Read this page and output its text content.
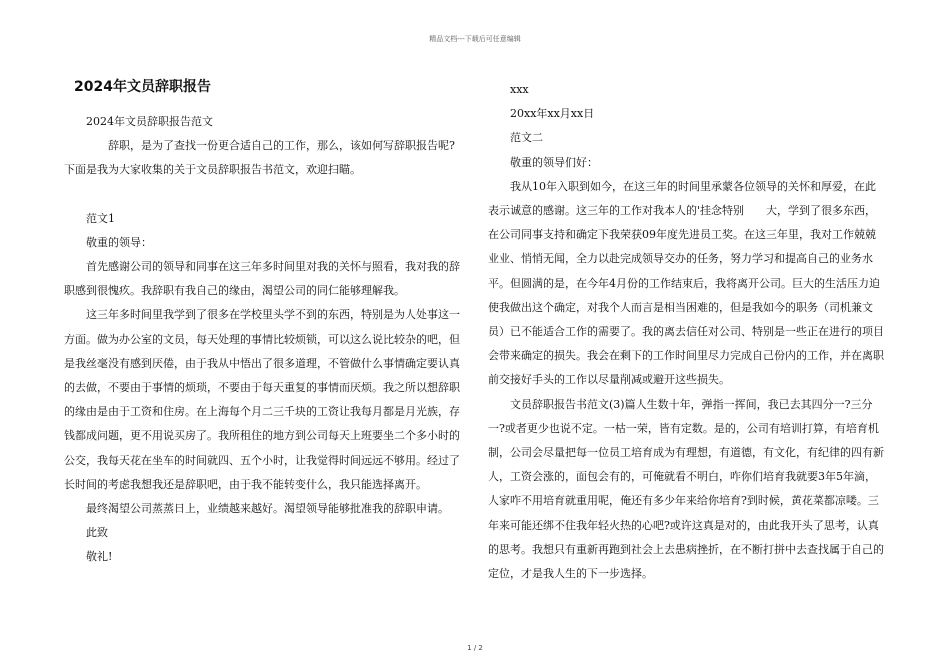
精品文档---下载后可任意编辑
2024年文员辞职报告

2024年文员辞职报告范文

辞职，是为了查找一份更合适自己的工作，那么，该如何写辞职报告呢?下面是我为大家收集的关于文员辞职报告书范文，欢迎扫瞄。

范文1

敬重的领导：

首先感谢公司的领导和同事在这三年多时间里对我的关怀与照看，我对我的辞职感到很愧疚。我辞职有我自己的缘由，渴望公司的同仁能够理解我。

这三年多时间里我学到了很多在学校里头学不到的东西，特别是为人处事这一方面。做为办公室的文员，每天处理的事情比较烦锁，可以这么说比较杂的吧，但是我丝毫没有感到厌倦，由于我从中悟出了很多道理，不管做什么事情确定要认真的去做，不要由于事情的烦琐，不要由于每天重复的事情而厌烦。我之所以想辞职的缘由是由于工资和住房。在上海每个月二三千块的工资让我每月都是月光族，存钱都成问题，更不用说买房了。我所租住的地方到公司每天上班要坐二个多小时的公交，我每天花在坐车的时间就四、五个小时，让我觉得时间远远不够用。经过了长时间的考虑我想我还是辞职吧，由于我不能转变什么，我只能选择离开。

最终渴望公司蒸蒸日上，业绩越来越好。渴望领导能够批准我的辞职申请。

此致

敬礼!

xxx

20xx年xx月xx日

范文二

敬重的领导们好：

我从10年入职到如今，在这三年的时间里承蒙各位领导的关怀和厚爱，在此表示诚意的感谢。这三年的工作对我本人的'挂念特别　　大，学到了很多东西，在公司同事支持和确定下我荣获09年度先进员工奖。在这三年里，我对工作兢兢业业、悄悄无闻，全力以赴完成领导交办的任务，努力学习和提高自己的业务水平。但圆满的是，在今年4月份的工作结束后，我将离开公司。巨大的生活压力迫使我做出这个确定，对我个人而言是相当困难的，但是我如今的职务（司机兼文员）已不能适合工作的需要了。我的离去信任对公司、特别是一些正在进行的项目会带来确定的损失。我会在剩下的工作时间里尽力完成自己份内的工作，并在离职前交接好手头的工作以尽量削减或避开这些损失。

文员辞职报告书范文(3)篇人生数十年，弹指一挥间，我已去其四分一?三分一?或者更少也说不定。一枯一荣，皆有定数。是的，公司有培训打算，有培育机制，公司会尽量把每一位员工培育成为有理想，有道德，有文化，有纪律的四有新人，工资会涨的，面包会有的，可俺就看不明白，咋你们培育我就要3年5年滴，人家咋不用培育就重用呢，俺还有多少年来给你培育?到时候，黄花菜都凉喽。三年来可能还绑不住我年轻火热的心吧?或许这真是对的，由此我开头了思考，认真的思考。我想只有重新再跑到社会上去患病挫折，在不断打拼中去查找属于自己的定位，才是我人生的下一步选择。

1 / 2
